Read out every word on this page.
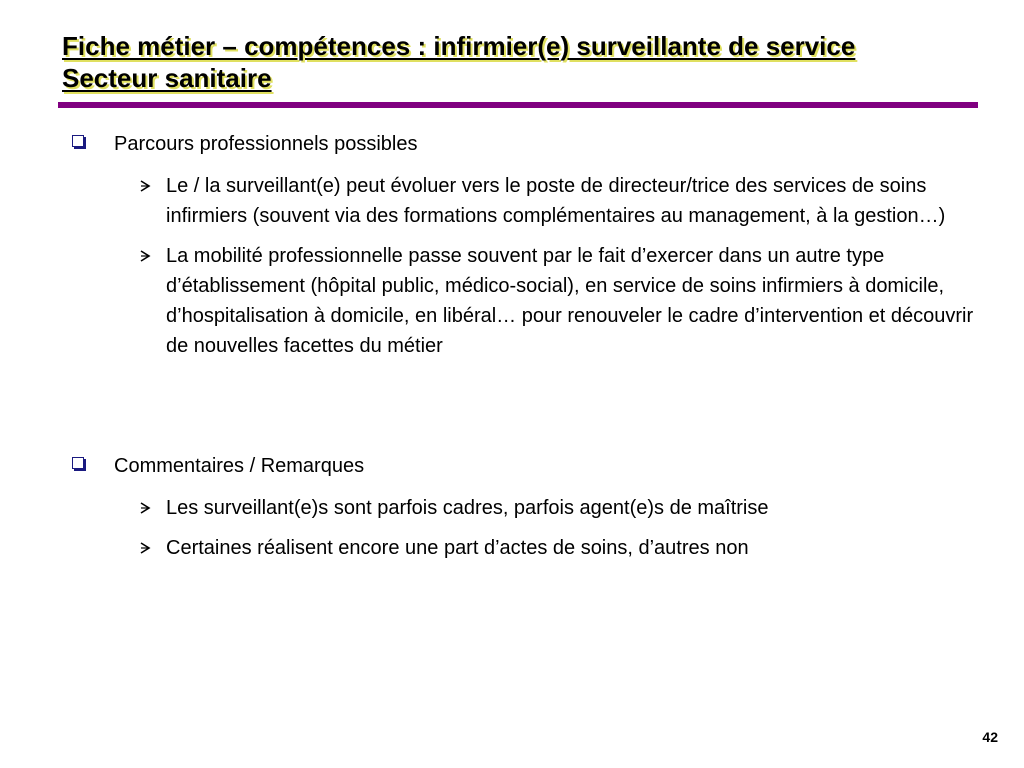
Fiche métier – compétences : infirmier(e) surveillante de service
Secteur sanitaire
Parcours professionnels possibles
Le / la surveillant(e) peut évoluer vers le poste de directeur/trice des services de soins infirmiers (souvent via des formations complémentaires au management, à la gestion…)
La mobilité professionnelle passe souvent par le fait d’exercer dans un autre type d’établissement (hôpital public, médico-social), en service de soins infirmiers à domicile, d’hospitalisation à domicile, en libéral… pour renouveler le cadre d’intervention et découvrir de nouvelles facettes du métier
Commentaires / Remarques
Les surveillant(e)s sont parfois cadres, parfois agent(e)s de maîtrise
Certaines réalisent encore une part d’actes de soins, d’autres non
42
